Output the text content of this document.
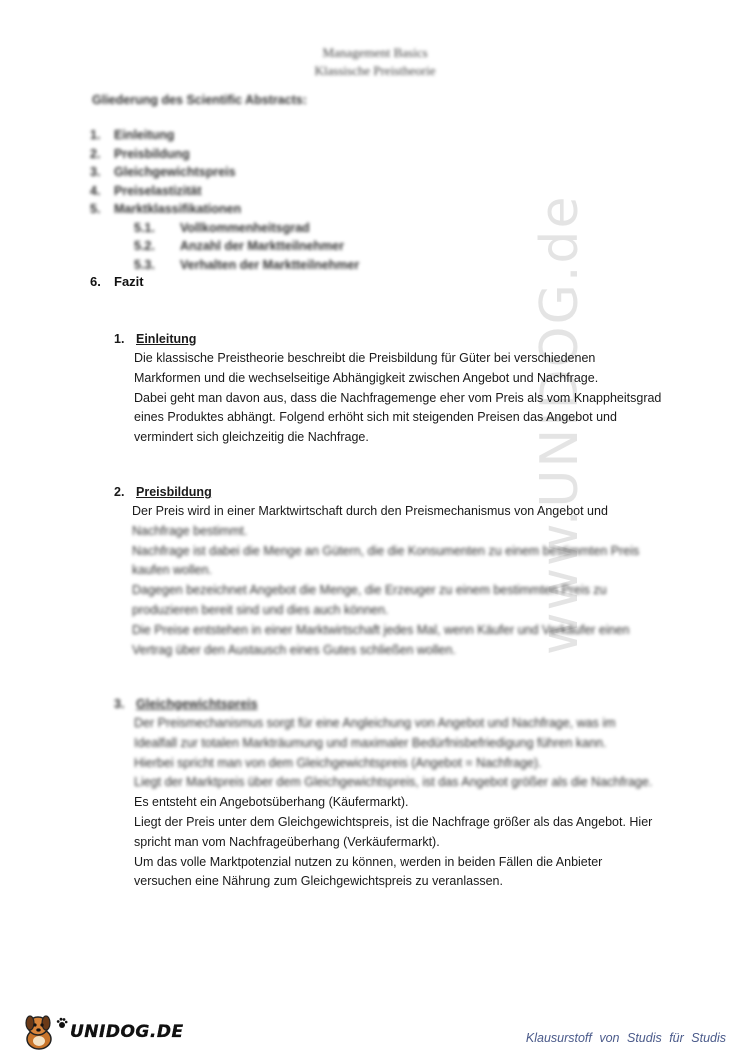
www.UNIDOG.de
Management Basics
Klassische Preistheorie
Gliederung des Scientific Abstracts:
1. Einleitung
2. Preisbildung
3. Gleichgewichtspreis
4. Preiselastizität
5. Marktklassifikationen
5.1. Vollkommenheitsgrad
5.2. Anzahl der Marktteilnehmer
5.3. Verhalten der Marktteilnehmer
6. Fazit
1. Einleitung
Die klassische Preistheorie beschreibt die Preisbildung für Güter bei verschiedenen
Markformen und die wechselseitige Abhängigkeit zwischen Angebot und Nachfrage.
Dabei geht man davon aus, dass die Nachfragemenge eher vom Preis als vom Knappheitsgrad
eines Produktes abhängt. Folgend erhöht sich mit steigenden Preisen das Angebot und
vermindert sich gleichzeitig die Nachfrage.
2. Preisbildung
Der Preis wird in einer Marktwirtschaft durch den Preismechanismus von Angebot und
Nachfrage bestimmt.
Nachfrage ist dabei die Menge an Gütern, die die Konsumenten zu einem bestimmten Preis
kaufen wollen.
Dagegen bezeichnet Angebot die Menge, die Erzeuger zu einem bestimmten Preis zu
produzieren bereit sind und dies auch können.
Die Preise entstehen in einer Marktwirtschaft jedes Mal, wenn Käufer und Verkäufer einen
Vertrag über den Austausch eines Gutes schließen wollen.
3. Gleichgewichtspreis
Der Preismechanismus sorgt für eine Angleichung von Angebot und Nachfrage, was im
Idealfall zur totalen Markträumung und maximaler Bedürfnisbefriedigung führen kann.
Hierbei spricht man von dem Gleichgewichtspreis (Angebot = Nachfrage).
Liegt der Marktpreis über dem Gleichgewichtspreis, ist das Angebot größer als die Nachfrage.
Es entsteht ein Angebotsüberhang (Käufermarkt).
Liegt der Preis unter dem Gleichgewichtspreis, ist die Nachfrage größer als das Angebot. Hier
spricht man vom Nachfrageüberhang (Verkäufermarkt).
Um das volle Marktpotenzial nutzen zu können, werden in beiden Fällen die Anbieter
versuchen eine Nährung zum Gleichgewichtspreis zu veranlassen.
UNIDOG.DE	Klausurstoff von Studis für Studis
